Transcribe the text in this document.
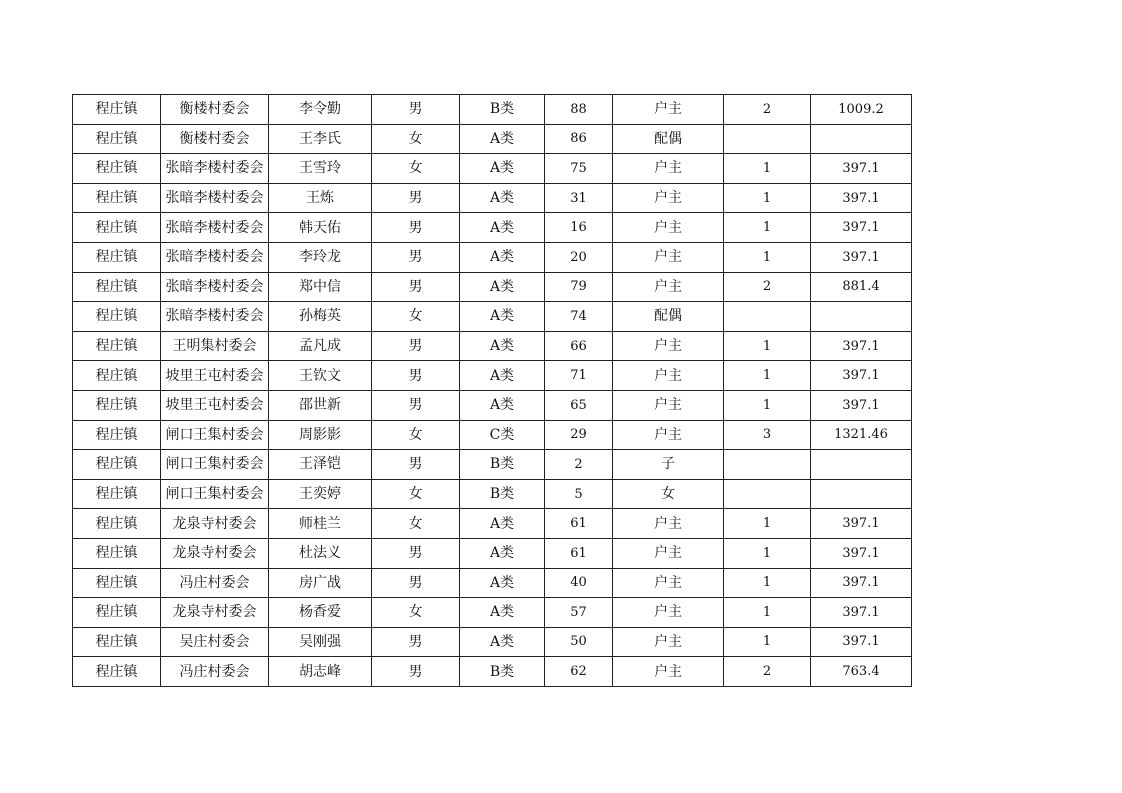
程庄镇	衡楼村委会	李令勤	男	B类	88	户主	2	1009.2
程庄镇	衡楼村委会	王李氏	女	A类	86	配偶		
程庄镇	张暗李楼村委会	王雪玲	女	A类	75	户主	1	397.1
程庄镇	张暗李楼村委会	王炼	男	A类	31	户主	1	397.1
程庄镇	张暗李楼村委会	韩天佑	男	A类	16	户主	1	397.1
程庄镇	张暗李楼村委会	李玲龙	男	A类	20	户主	1	397.1
程庄镇	张暗李楼村委会	郑中信	男	A类	79	户主	2	881.4
程庄镇	张暗李楼村委会	孙梅英	女	A类	74	配偶		
程庄镇	王明集村委会	孟凡成	男	A类	66	户主	1	397.1
程庄镇	坡里王屯村委会	王钦文	男	A类	71	户主	1	397.1
程庄镇	坡里王屯村委会	邵世新	男	A类	65	户主	1	397.1
程庄镇	闸口王集村委会	周影影	女	C类	29	户主	3	1321.46
程庄镇	闸口王集村委会	王泽铠	男	B类	2	子		
程庄镇	闸口王集村委会	王奕婷	女	B类	5	女		
程庄镇	龙泉寺村委会	师桂兰	女	A类	61	户主	1	397.1
程庄镇	龙泉寺村委会	杜法义	男	A类	61	户主	1	397.1
程庄镇	冯庄村委会	房广战	男	A类	40	户主	1	397.1
程庄镇	龙泉寺村委会	杨香爱	女	A类	57	户主	1	397.1
程庄镇	吴庄村委会	吴刚强	男	A类	50	户主	1	397.1
程庄镇	冯庄村委会	胡志峰	男	B类	62	户主	2	763.4
